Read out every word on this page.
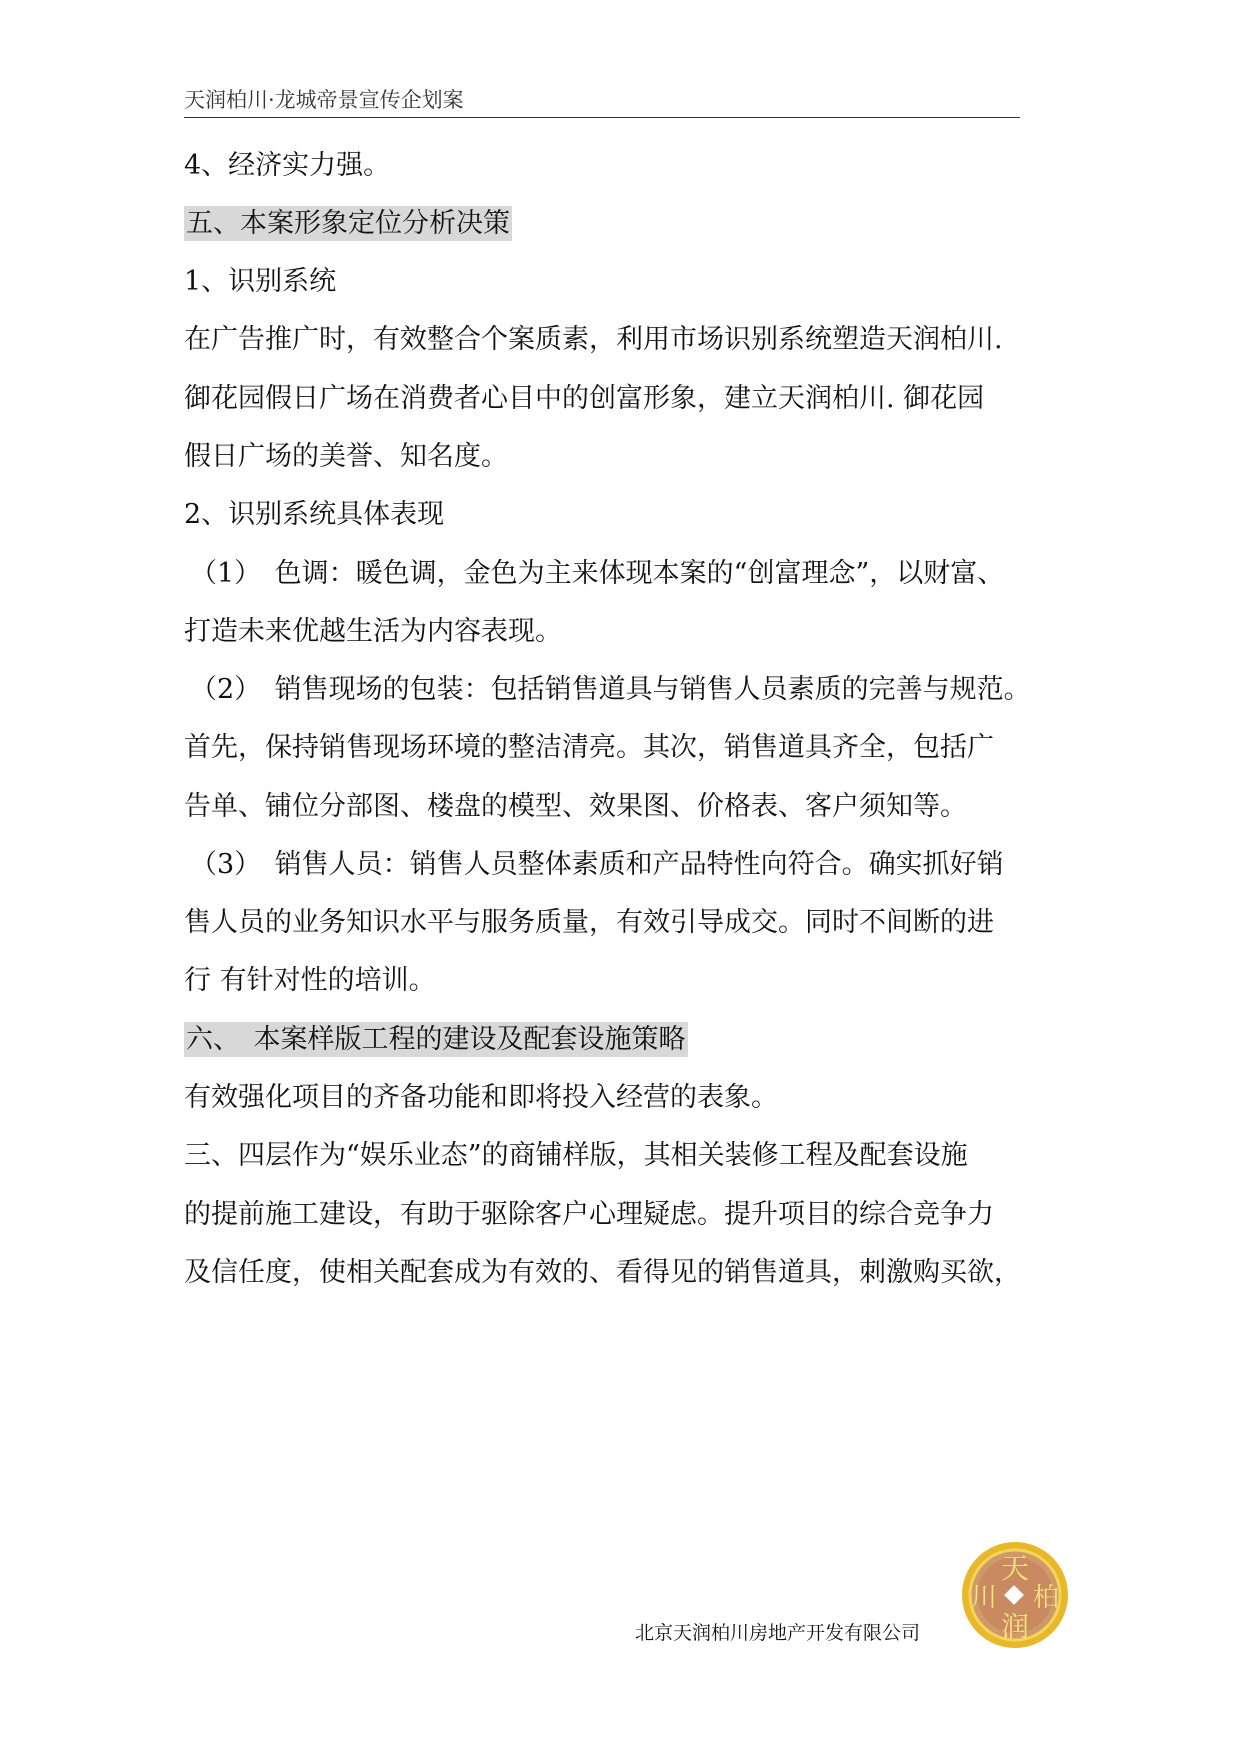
天润柏川·龙城帝景宣传企划案

4、经济实力强。

五、本案形象定位分析决策

1、识别系统

在广告推广时，有效整合个案质素，利用市场识别系统塑造天润柏川.

御花园假日广场在消费者心目中的创富形象，建立天润柏川. 御花园

假日广场的美誉、知名度。

2、识别系统具体表现

（1）　色调：暖色调，金色为主来体现本案的“创富理念”，以财富、

打造未来优越生活为内容表现。

（2）　销售现场的包装：包括销售道具与销售人员素质的完善与规范。

首先，保持销售现场环境的整洁清亮。其次，销售道具齐全，包括广

告单、铺位分部图、楼盘的模型、效果图、价格表、客户须知等。

（3）　销售人员：销售人员整体素质和产品特性向符合。确实抓好销

售人员的业务知识水平与服务质量，有效引导成交。同时不间断的进

行 有针对性的培训。

六、　本案样版工程的建设及配套设施策略

有效强化项目的齐备功能和即将投入经营的表象。

三、四层作为“娱乐业态”的商铺样版，其相关装修工程及配套设施

的提前施工建设，有助于驱除客户心理疑虑。提升项目的综合竞争力

及信任度，使相关配套成为有效的、看得见的销售道具，刺激购买欲，

天
柏
润
川
北京天润柏川房地产开发有限公司
